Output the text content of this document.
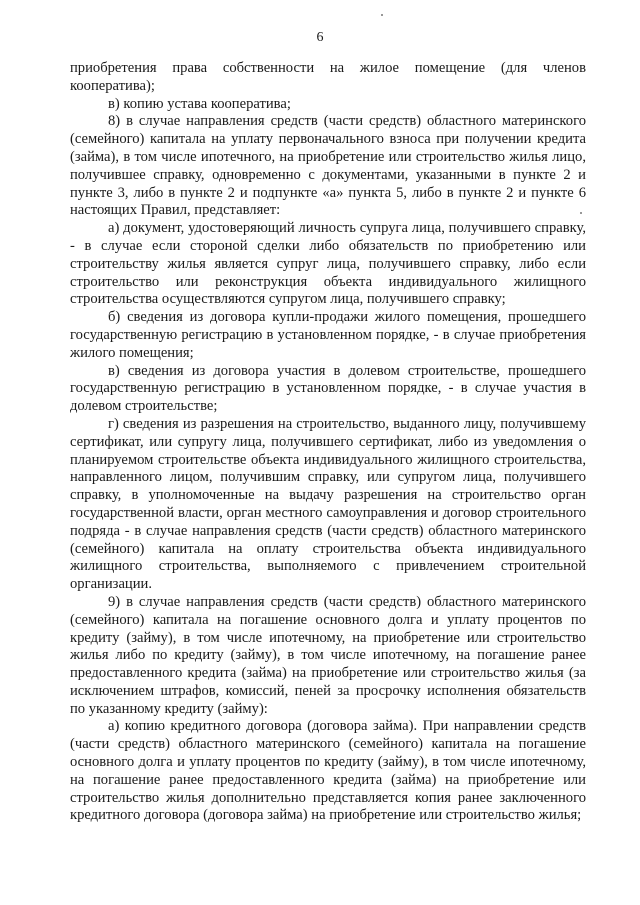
6

приобретения права собственности на жилое помещение (для членов кооператива);

в) копию устава кооператива;

8) в случае направления средств (части средств) областного материнского (семейного) капитала на уплату первоначального взноса при получении кредита (займа), в том числе ипотечного, на приобретение или строительство жилья лицо, получившее справку, одновременно с документами, указанными в пункте 2 и пункте 3, либо в пункте 2 и подпункте «а» пункта 5, либо в пункте 2 и пункте 6 настоящих Правил, представляет:

а) документ, удостоверяющий личность супруга лица, получившего справку, - в случае если стороной сделки либо обязательств по приобретению или строительству жилья является супруг лица, получившего справку, либо если строительство или реконструкция объекта индивидуального жилищного строительства осуществляются супругом лица, получившего справку;

б) сведения из договора купли-продажи жилого помещения, прошедшего государственную регистрацию в установленном порядке, - в случае приобретения жилого помещения;

в) сведения из договора участия в долевом строительстве, прошедшего государственную регистрацию в установленном порядке, - в случае участия в долевом строительстве;

г) сведения из разрешения на строительство, выданного лицу, получившему сертификат, или супругу лица, получившего сертификат, либо из уведомления о планируемом строительстве объекта индивидуального жилищного строительства, направленного лицом, получившим справку, или супругом лица, получившего справку, в уполномоченные на выдачу разрешения на строительство орган государственной власти, орган местного самоуправления и договор строительного подряда - в случае направления средств (части средств) областного материнского (семейного) капитала на оплату строительства объекта индивидуального жилищного строительства, выполняемого с привлечением строительной организации.

9) в случае направления средств (части средств) областного материнского (семейного) капитала на погашение основного долга и уплату процентов по кредиту (займу), в том числе ипотечному, на приобретение или строительство жилья либо по кредиту (займу), в том числе ипотечному, на погашение ранее предоставленного кредита (займа) на приобретение или строительство жилья (за исключением штрафов, комиссий, пеней за просрочку исполнения обязательств по указанному кредиту (займу):

а) копию кредитного договора (договора займа). При направлении средств (части средств) областного материнского (семейного) капитала на погашение основного долга и уплату процентов по кредиту (займу), в том числе ипотечному, на погашение ранее предоставленного кредита (займа) на приобретение или строительство жилья дополнительно представляется копия ранее заключенного кредитного договора (договора займа) на приобретение или строительство жилья;
